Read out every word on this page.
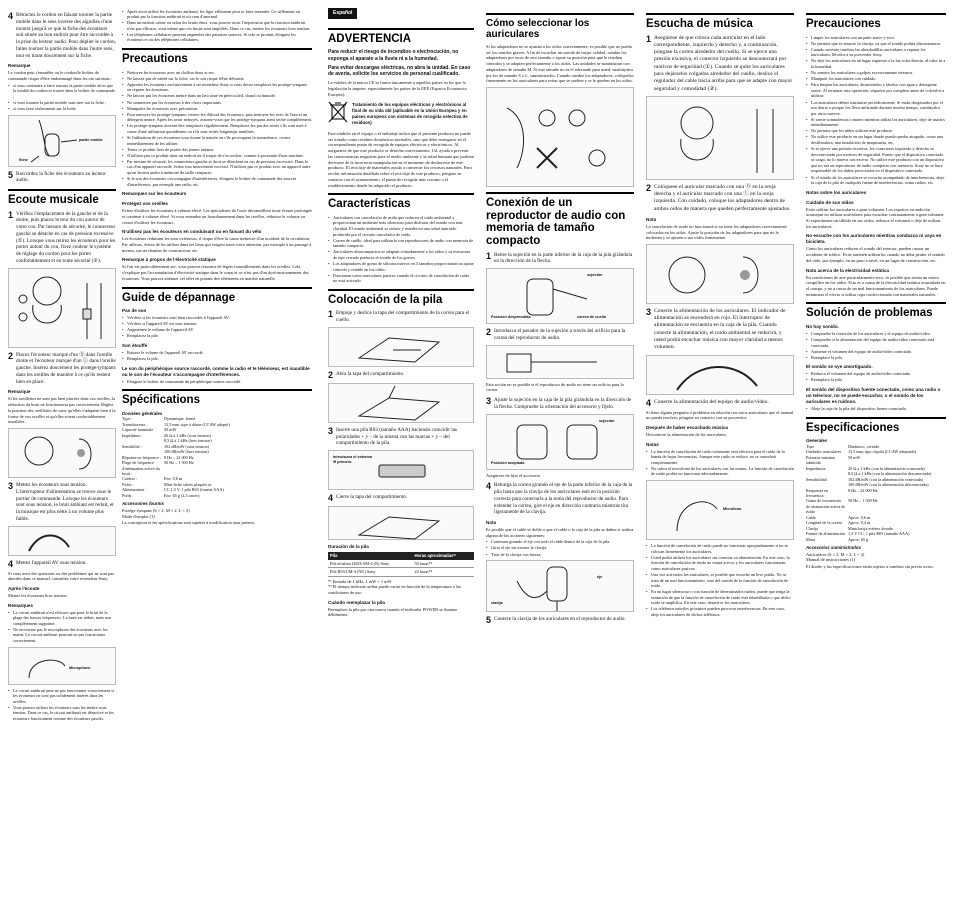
4 Rétractez le cordon en faisant tourner la partie mobile dans le sens inverse des aiguilles d'une montre jusqu'à ce que la fiche des écouteurs soit située au bon endroit pour être raccordée à la prise du lecteur audio. Pour déplier le cordon, faites tourner la partie mobile dans l'autre sens, tout en tirant doucement sur la fiche.
Remarque

Le cordon peut s'emmêler ou le cordon/le boîtier de commande risque d'être endommagé dans les cas suivants :

• si vous continuez à faire tourner la partie mobile alors que la totalité du cordon se trouve dans le boîtier de commande ;
• si vous tournez la partie mobile sans tirer sur la fiche ;
• si vous tirez violemment sur la fiche.
partie mobile
fiche
5 Raccordez la fiche des écouteurs au lecteur audio.
Ecoute musicale
1 Vérifiez l'emplacement de la gauche et de la droite, puis placez le tour du cou autour de votre cou. Par mesure de sécurité, le connecteur gauche se détache en cas de pression excessive (①). Lorsque vous retirez les écouteurs pour les porter autour du cou, fixez couleur le système de réglage du cordon pour les porter confortablement et en toute sécurité (②).
2 Placez l'écouteur marqué d'un Ⓑ dans l'oreille droite et l'écouteur marqué d'un Ⓛ dans l'oreille gauche. Insérez doucement les protège-tympans dans les oreilles de manière à ce qu'ils restent bien en place.
Remarque

Si les oreillettes ne sont pas bien placées dans vos oreilles, la réduction du bruit ne fonctionnera pas correctement. Réglez la position des oreillettes de sorte qu'elles s'adaptent bien à la forme de vos oreilles et qu'elles soient confortablement installées.

3 Mettez les écouteurs sous tension. L'interrupteur d'alimentation se trouve sous le portier de commande. Lorsque les écouteurs sont sous tension, le bruit ambiant est réduit, et la musique est plus nette à un volume plus faible.
4 Mettez l'appareil AV sous tension.

Si vous avez des questions ou des problèmes qui ne sont pas abordés dans ce manuel, consultez votre revendeur Sony.

Après l'écoute

Mettez les écouteurs hors tension.

Remarques
• Le circuit antibruit n'est efficace que pour le bruit de la plage des basses fréquences. La bruit est réduit, mais non complètement supprimé.
• Ne recouvrez pas le microphone des écouteurs avec les mains. Le circuit antibruit pourrait ne pas fonctionner correctement.
Microphone
• Le circuit antibruit peut ne pas fonctionner correctement si les écouteurs ne sont pas solidement insérés dans les oreilles.
• Vous pouvez utiliser les écouteurs sans les mettre sous tension. Dans ce cas, le circuit antibruit est désactivé et les écouteurs fonctionnent comme des écouteurs passifs.
• Après avoir utilisé les écouteurs antibruit, les liger effleurent peut se faire entendre. Ce sifflement est produit par la fonction antibruit et n'a rien d'anormal.
• Dans un endroit calme ou selon les bruits émis, vous pouvez avoir l'impression que la fonction antibruit n'est pas efficace, vous même que ces bruits sont amplifiés. Dans ce cas, mettez les écouteurs hors tension.
• Les téléphones cellulaires peuvent engendrer des parasites sonores. Si cela se produit, éloignez les écouteurs et ou des téléphones cellulaires.
Precautions
• Nettoyez les écouteurs avec un chiffon doux et sec.
• Ne laissez pas de saleté sur la fiche, car le son risque d'être déformé.
• Apportez les écouteurs exclusivement à un revendeur Sony si vous devez remplacer les protège-tympans ou réparer les écouteurs.
• Ne laissez pas les écouteurs mettre dans un lieu situé en plein soleil, chaud ou humide.
• Ne soumettez pas les écouteurs à des chocs importants.
• Manipulez les écouteurs avec précaution.
• Pour nettoyer les protège-tympans, retirez-les d'abord des écouteurs, puis nettoyez-les avec de l'eau et un détergent neutre. Après les avoir nettoyés, assurez-vous que les protège-tympans aient séché complètement.
• Les protège-tympans doivent être remplacés régulièrement. Remplacez-les par des neufs s'ils sont usés à cause d'une utilisation quotidienne ou s'ils sont restés longtemps inutilisés.
• Si l'utilisation de ces écouteurs vous donne la nausée ou s'ils provoquent la somnolence, cessez immédiatement de les utiliser.
• Tenez ce produit hors de portée des jeunes enfants.
• N'utilisez pas ce produit dans un endroit où il risque de s'accrocher, comme à proximité d'une machine.
• Par mesure de sécurité, les connecteurs gauche et droit se détachent en cas de pression excessive. Dans le cas d'un appareil raccordé, évitez tout mouvement excessif. N'utilisez pas ce produit avec un appareil autre qu'un lecteur audio à mémoire de taille compacte.
• Si le son des écouteurs s'accompagne d'interférences, éloignez le boîtier de commande des sources d'interférence, par exemple une radio, etc.
Remarques sur les écouteurs
Protégez vos oreilles

Evitez d'utiliser les écouteurs à volume élevé. Les spécialistes de l'ouïe déconseillent toute écoute prolongée et continue à volume élevé. Si vous entendez un bourdonnement dans les oreilles, réduisez le volume ou cessez d'utiliser les écouteurs.

N'utilisez pas les écouteurs en conduisant ou en faisant du vélo

Les écouteurs réduisant les sons extérieurs, il risque d'être la cause indirecte d'un accident de la circulation. Par ailleurs, évitez de les utiliser dans les lieux qui exigent toute votre attention, par exemple à un passage à niveau, sur un chantier de construction, etc.

Remarque à propos de l'électricité statique

Si l'air est particulièrement sec, vous pouvez ressentir de légers fourmillements dans les oreilles. Cela s'explique par l'accumulation d'électricité statique dans le corps et ce n'est pas d'un dysfonctionnement des écouteurs. Vous pouvez atténuer cet effet en portant des vêtements en matière naturelle.

Guide de dépannage
Pas de son
• Vérifiez si les écouteurs sont bien raccordés à l'appareil AV.
• Vérifiez si l'appareil AV est sous tension.
• Augmentez le volume de l'appareil AV.
• Remplacez la pile.
Son étouffé
• Baissez le volume de l'appareil AV raccordé.
• Remplacez la pile.
Le son du périphérique source raccordé, comme la radio et le téléviseur, est inaudible ou le son de l'écouteur s'accompagne d'interférences.
• Eloignez le boîtier de commande du périphérique source raccordé.
Spécifications
Données générales
Type :	Dynamique, fermé
Transducteurs :	13,5 mm, type à dôme (CCAW adopté)
Capacité nominale :	50 mW
Impédance :	20 Ω à 1 kHz (sous tension)
8,5 Ω à 1 kHz (hors tension)
Sensibilité :	102 dB/mW (sous tension)
100 dB/mW (hors tension)
Réponse en fréquence : 8 Hz – 22 000 Hz
Plage de fréquence d'atténuation active du bruit :
50 Hz – 1 500 Hz
Cordon :	Env. 0,6 m
Fiche :	Mini-fiche stéréo plaquée or
Alimentation :	CC 1,5 V, 1 pile R03 (format AAA)
Poids :	Env. 65 g (2,3 onces)
Accessoires fournis

Protège-tympans (S × 2, M × 2, L × 2)
Mode d'emploi (1)

La conception et les spécifications sont sujettes à modification sans préavis.

Español
ADVERTENCIA

Para reducir el riesgo de incendios o electrocución, no exponga el aparato a la lluvia ni a la humedad.

Para evitar descargas eléctricas, no abra la unidad. En caso de avería, solicite los servicios de personal cualificado.

La validez de la marca CE se limita únicamente a aquellos países en los que la legislación la impone, especialmente los países de la EEE (Espacio Económico Europeo).

Tratamiento de los equipos eléctricos y electrónicos al final de su vida útil (aplicable en la Unión Europea y en países europeos con sistemas de recogida selectiva de residuos)

Este símbolo en el equipo o el embalaje indica que el presente producto no puede ser tratado como residuos domésticos normales, sino que debe entregarse en el correspondiente punto de recogida de equipos eléctricos y electrónicos. Al asegurarse de que este producto se desecha correctamente, Ud. ayuda a prevenir las consecuencias negativas para el medio ambiente y la salud humana que podrían derivarse de la incorrecta manipulación en el momento de deshacerse de este producto. El reciclaje de materiales ayuda a conservar los recursos naturales. Para recibir información detallada sobre el reciclaje de este producto, póngase en contacto con el ayuntamiento, el punto de recogida más cercano o el establecimiento donde ha adquirido el producto.

Características
• Auriculares con cancelación de ruido que reducen el ruido ambiental y proporcionan un ambiente más silencioso para disfrutar del sonido con más claridad. El sonido ambiental se reduce y ustedes en una señal antiruido producida por el circuito cancelador de ruido.
• Correa de cuello, ideal para utilizarla con reproductores de audio con memoria de tamaño compacto.
• Auriculares ultracompactos se adaptan cómodamente a los oídos y su estructura de tipo cerrado potencia el sonido de los graves.
• Los adaptadores de goma de silicona nuevos en 3 tamaños proporcionan un ajuste cómodo y estable en los oídos.
• Funcionan como auriculares pasivos cuando el circuito de cancelación de ruido no está activado.
Colocación de la pila
1 Empuje y deslice la tapa del compartimiento de la correa para el cuello.
2 Abra la tapa del compartimiento.
3 Inserte una pila R03 (tamaño AAA) haciendo coincidir las polaridades + y – de la misma con las marcas + y – del compartimiento de la pila.
Introduzca el extremo ⊖ primero.
4 Cierre la tapa del compartimiento.
Duración de la pila
Pila	Horas aproximadas*¹
Pila alcalina LR03/AM-4 (N) Sony	50 horas*²
Pila R03/UM-4 (NU) Sony	22 horas*²

*¹ Entrada de 1 kHz, 1 mW + 1 mW
*² El tiempo indicado arriba puede variar en función de la temperatura o las condiciones de uso.

Cuándo reemplazar la pila

Reemplace la pila por otra nueva cuando el indicador POWER se ilumine débilmente.

Cómo seleccionar los auriculares

Si los adaptadores no se ajustan a los oídos correctamente, es posible que no pueda oír los sonidos graves. A fin de escuchar un sonido de mejor calidad, cambie los adaptadores por otros de otro tamaño o ajuste su posición para que le resulten cómodos y se adapten perfectamente a los oídos. Las unidades se suministran con adaptadores de tamaño M. Si este tamaño no es el adecuado para usted, sustitúyalos por los de tamaño S o L, suministrados. Cuando cambie los adaptadores, colóquelos firmemente en los auriculares para evitar que se suelten y se le queden en los oídos.

Conexión de un reproductor de audio con memoria de tamaño compacto
1 Retire la sujeción en la parte inferior de la caja de la pila girándola en la dirección de la flecha.
sujeción
Posición desprendida	correa de cuello
2 Introduzca el pasador de la sujeción a través del orificio para la correa del reproductor de audio.

Esta acción no es posible si el reproductor de audio no tiene un orificio para la correa.

3 Ajuste la sujeción en la caja de la pila girándola en la dirección de la flecha. Compruebe la orientación del accesorio y fíjelo.
sujeción
Posición acoplada

Asegúrese de fijar el accesorio.

4 Retraiga la correa girando el eje de la parte inferior de la caja de la pila hasta que la clavija de los auriculares esté en la posición correcta para conectarla a la toma del reproductor de audio. Para extender la correa, gire el eje en dirección contraria mientras tira ligeramente de la clavija.
Nota

Es posible que el cable se doble o que el cable o la caja de la pila se dañen si realiza alguna de las acciones siguientes:

• Continuar girando el eje con todo el cable dentro de la caja de la pila.
• Girar el eje sin extraer la clavija.
• Tirar de la clavija con fuerza.
eje
clavija
5 Conecte la clavija de los auriculares en el reproductor de audio.
Escucha de música
1 Asegúrese de que coloca cada auricular en el lado correspondiente, izquierdo y derecho y, a continuación, póngase la correa alrededor del cuello. Si se ejerce una presión excesiva, el conector izquierdo se desconectará por motivos de seguridad (①). Cuando se quite los auriculares para dejárselos colgados alrededor del cuello, deslice el regulador del cable hacia arriba para que se adapte con mayor seguridad y comodidad (②).
2 Colóquese el auricular marcado con una Ⓑ en la oreja derecha y el auricular marcado con una Ⓛ en la oreja izquierda. Con cuidado, coloque los adaptadores dentro de ambos oídos de manera que queden perfectamente ajustados.
Nota

La cancelación de ruido no funcionará si no tiene los adaptadores correctamente colocados en los oídos. Ajuste la posición de los adaptadores para que no le molesten y se ajusten a sus oídos firmemente.

3 Conecte la alimentación de los auriculares. El indicador de alimentación se encenderá en rojo. El interruptor de alimentación se encuentra en la caja de la pila. Cuando conecte la alimentación, el ruido ambiental se reducirá, y usted podrá escuchar música con mayor claridad a menos volumen.
4 Conecte la alimentación del equipo de audio/vídeo.

Si tiene alguna pregunta o problema en relación con estos auriculares que el manual no pueda resolver, póngase en contacto con su proveedor.

Después de haber escuchado música

Desconecte la alimentación de los auriculares.

Notas
• La función de cancelación de ruido solamente será efectiva para el ruido de la banda de bajas frecuencias. Aunque este ruido se reduce, no se cancelará completamente.
• No cubra el micrófono de los auriculares con las manos. La función de cancelación de ruido podría no funcionar adecuadamente.
Micrófono
• La función de cancelación de ruido puede no funcionar apropiadamente si no se colocan firmemente los auriculares.
• Usted podrá utilizar los auriculares sin conectar su alimentación. En este caso, la función de cancelación de ruido no estará activa, y los auriculares funcionarán como auriculares pasivos.
• Una vez activados los auriculares, es posible que escuche un leve pitido. No se trata de un mal funcionamiento, sino del sonido de la función de cancelación de ruido.
• En un lugar silencioso o con función de determinados ruidos, puede que tenga la sensación de que la función de cancelación de ruido esta inhabilitada o que dicho ruido se amplifica. En este caso, desactive los auriculares.
• Los teléfonos móviles próximos pueden provocar interferencias. En este caso, aleje los auriculares de dichos teléfonos.
Precauciones
• Limpie los auriculares con un paño suave y seco.
• No permita que se ensucie la clavija, ya que el sonido podría distorsionarse.
• Cuando necesite cambiar las almohadillas auriculares o reparar los auriculares, llévelos a su proveedor Sony.
• No deje los auriculares en un lugar expuesto a la luz solar directa, al calor ni a la humedad.
• No someta los auriculares a golpes excesivamente intensos.
• Manipule los auriculares con cuidado.
• Para limpiar los auriculares, desmóntelos y lávelos con agua y detergente suave. Al terminar esta operación, séquelos por completo antes de volverlos a utilizar.
• Los auriculares deben sustituirse periódicamente. Si están desgastados por el uso diario o porque los lleva utilizando durante mucho tiempo, sustitúyalos por otros nuevos.
• Si siente somnolencia o mareo mientras utiliza los auriculares, deje de usarlos inmediatamente.
• No permita que los niños utilicen este producto.
• No utilice este producto en un lugar donde pueda quedar atrapado, como una desfibradora, una instalación de maquinaria, etc.
• Si se ejerce una presión excesiva, los conectores izquierdo y derecho se desconectarán por motivos de seguridad. Puesto que el dispositivo conectado se caiga, no lo mueva con exceso. No utilice este producto con un dispositivo que no sea un reproductor de audio compacto con memoria. Sony no se hace responsable de los daños provocados en el dispositivo conectado.
• Si el sonido de los auriculares se escucha acompañado de interferencias, aleje la caja de la pila de cualquier fuente de interferencias, como radios, etc.
Notas sobre los auriculares
Cuidado de sus oídos

Evite utilizar los auriculares a gran volumen. Los expertos en audición aconsejan no utilizar auriculares para escuchar continuamente a gran volumen. Si experimenta un silbido en sus oídos, reduzca el volumen o deje de utilizar los auriculares.

No escuche con los auriculares mientras conduzca ni vaya en bicicleta.

Como los auriculares reducen el sonido del exterior, pueden causar un accidente de tráfico. Evite también utilizarlos cuando no deba perder el sentido del oído, por ejemplo, en un paso a nivel, en un lugar de construcción, etc.

Nota acerca de la electricidad estática

En condiciones de aire particularmente seco, es posible que sienta un nuevo cosquilleo en los oídos. Esto es a causa de la electricidad estática acumulada en el cuerpo, y no a causa de un mal funcionamiento de los auriculares. Puede minimizar el efecto si utiliza ropa confeccionada con materiales naturales.

Solución de problemas
No hay sonido.
• Compruebe la conexión de los auriculares y el equipo de audio/vídeo.
• Compruebe si la alimentación del equipo de audio/vídeo conectado está conectada.
• Aumente el volumen del equipo de audio/vídeo conectado.
• Reemplace la pila.
El sonido se oye amortiguado.
• Reduzca el volumen del equipo de audio/vídeo conectado.
• Reemplace la pila.
El sonido del dispositivo fuente conectado, como una radio o un televisor, no se puede escuchar, o el sonido de los auriculares es ruidoso.
• Aleje la caja de la pila del dispositivo fuente conectado.
Especificaciones
Generales
Tipo	Dinámico, cerrado
Unidades auriculares	13,5 mm, tipo cúpula (CCAW adoptado)
Potencia máxima admitida
50 mW
Impedancia	20 Ω a 1 kHz (con la alimentación conectada)
8,5 Ω a 1 kHz (con la alimentación desconectada)
Sensibilidad	102 dB/mW (con la alimentación conectada)
100 dB/mW (con la alimentación desconectada)
Respuesta en frecuencia
8 Hz – 22 000 Hz
Gama de frecuencias de atenuación activa de ruido
50 Hz – 1 500 Hz
Cable	Aprox. 0,6 m
Longitud de la correa	Aprox. 0,4 m
Clavija	Miniclavija estéreo dorada
Fuente de alimentación 1,5 V CC, 1 pila R03 (tamaño AAA)
Masa	Aprox. 65 g
Accesorios suministrados

Auriculares (S × 2, M × 2, L × 2)
Manual de instrucciones (1)

El diseño y las especificaciones están sujetos a cambios sin previo aviso.
